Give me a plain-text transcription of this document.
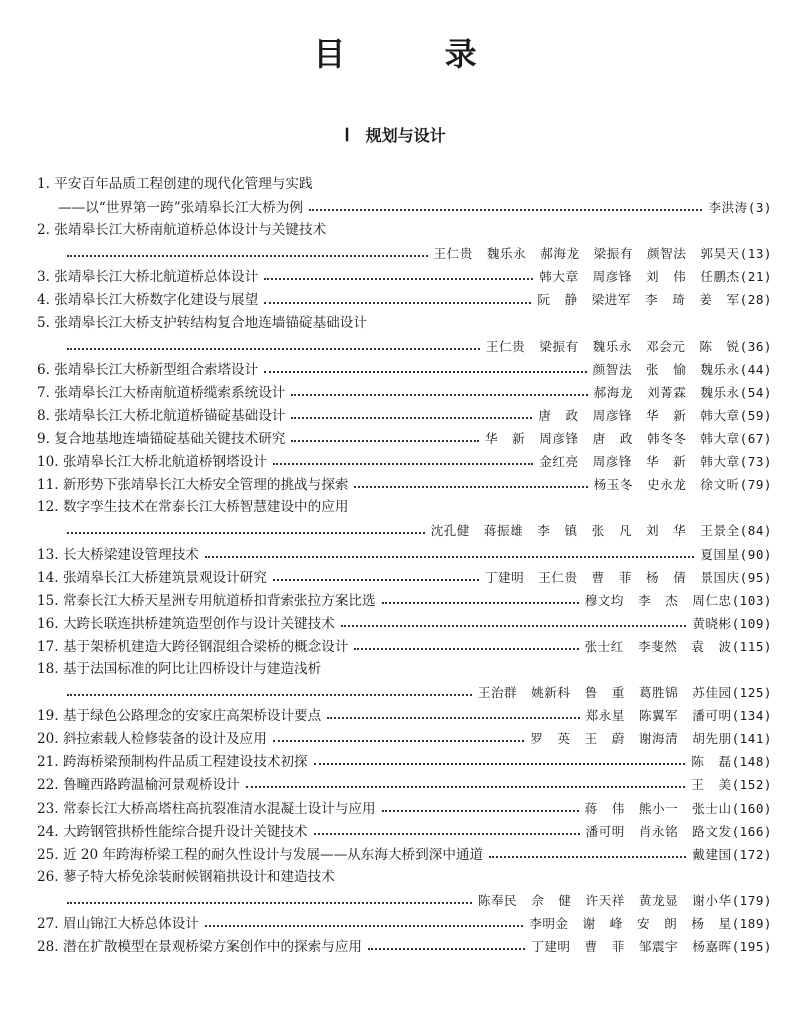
目 录
Ⅰ 规划与设计
1. 平安百年品质工程创建的现代化管理与实践
——以“世界第一跨”张靖皋长江大桥为例	李洪涛(3)
2. 张靖皋长江大桥南航道桥总体设计与关键技术
王仁贵 魏乐永 郝海龙 梁振有 颜智法 郭昊天(13)
3. 张靖皋长江大桥北航道桥总体设计	韩大章 周彦锋 刘 伟 任鹏杰(21)
4. 张靖皋长江大桥数字化建设与展望	阮 静 梁进军 李 琦 姜 军(28)
5. 张靖皋长江大桥支护转结构复合地连墙锚碇基础设计
王仁贵 梁振有 魏乐永 邓会元 陈 锐(36)
6. 张靖皋长江大桥新型组合索塔设计	颜智法 张 愉 魏乐永(44)
7. 张靖皋长江大桥南航道桥缆索系统设计	郝海龙 刘菁霖 魏乐永(54)
8. 张靖皋长江大桥北航道桥锚碇基础设计	唐 政 周彦锋 华 新 韩大章(59)
9. 复合地基地连墙锚碇基础关键技术研究	华 新 周彦锋 唐 政 韩冬冬 韩大章(67)
10. 张靖皋长江大桥北航道桥钢塔设计	金红亮 周彦锋 华 新 韩大章(73)
11. 新形势下张靖皋长江大桥安全管理的挑战与探索	杨玉冬 史永龙 徐文昕(79)
12. 数字孪生技术在常泰长江大桥智慧建设中的应用
沈孔健 蒋振雄 李 镇 张 凡 刘 华 王景全(84)
13. 长大桥梁建设管理技术	夏国星(90)
14. 张靖皋长江大桥建筑景观设计研究	丁建明 王仁贵 曹 菲 杨 倩 景国庆(95)
15. 常泰长江大桥天星洲专用航道桥扣背索张拉方案比选	穆文均 李 杰 周仁忠(103)
16. 大跨长联连拱桥建筑造型创作与设计关键技术	黄晓彬(109)
17. 基于架桥机建造大跨径钢混组合梁桥的概念设计	张士红 李斐然 袁 波(115)
18. 基于法国标准的阿比让四桥设计与建造浅析
王治群 姚新科 鲁 重 葛胜锦 苏佳园(125)
19. 基于绿色公路理念的安家庄高架桥设计要点	郑永星 陈翼军 潘可明(134)
20. 斜拉索载人检修装备的设计及应用	罗 英 王 蔚 谢海清 胡先朋(141)
21. 跨海桥梁预制构件品质工程建设技术初探	陈 磊(148)
22. 鲁疃西路跨温榆河景观桥设计	王 美(152)
23. 常泰长江大桥高塔柱高抗裂准清水混凝土设计与应用	蒋 伟 熊小一 张士山(160)
24. 大跨钢管拱桥性能综合提升设计关键技术	潘可明 肖永铭 路文发(166)
25. 近 20 年跨海桥梁工程的耐久性设计与发展——从东海大桥到深中通道	戴建国(172)
26. 蓼子特大桥免涂装耐候钢箱拱设计和建造技术
陈奉民 佘 健 许天祥 黄龙显 谢小华(179)
27. 眉山锦江大桥总体设计	李明金 谢 峰 安 朗 杨 星(189)
28. 潜在扩散模型在景观桥梁方案创作中的探索与应用	丁建明 曹 菲 邹震宇 杨嘉晖(195)
